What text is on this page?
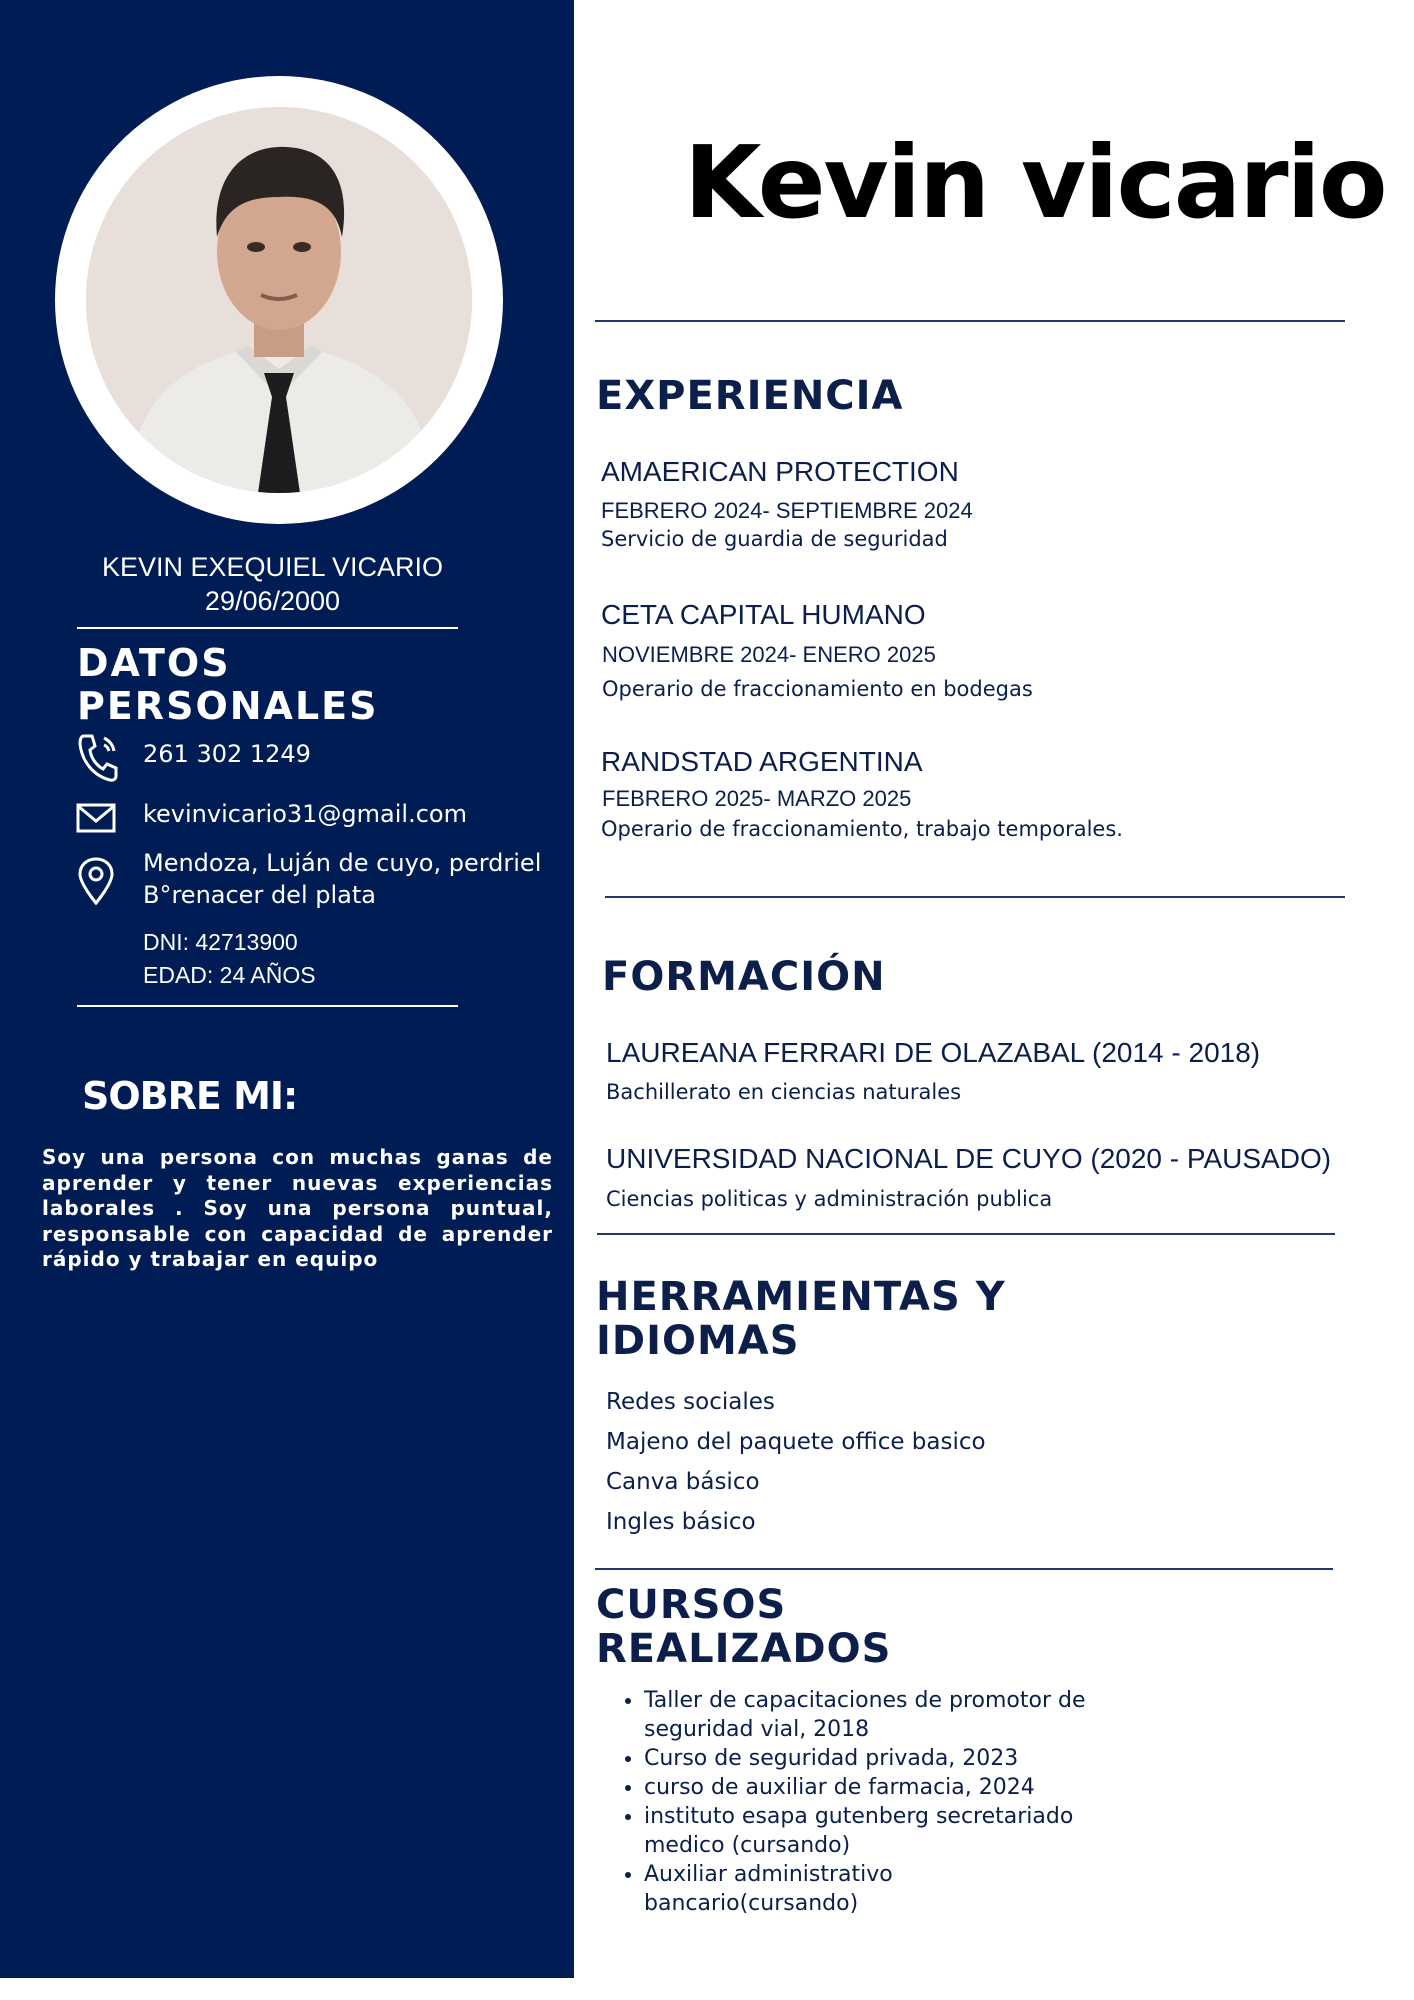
KEVIN EXEQUIEL VICARIO
29/06/2000
DATOS
PERSONALES
261 302 1249
kevinvicario31@gmail.com
Mendoza, Luján de cuyo, perdriel
B°renacer del plata
DNI: 42713900
EDAD: 24 AÑOS
SOBRE MI:

Soy una persona con muchas ganas de aprender y tener nuevas experiencias laborales . Soy una persona puntual, responsable con capacidad de aprender rápido y trabajar en equipo

Kevin vicario
EXPERIENCIA
AMAERICAN PROTECTION
FEBRERO 2024- SEPTIEMBRE 2024
Servicio de guardia de seguridad
CETA CAPITAL HUMANO
NOVIEMBRE 2024- ENERO 2025
Operario de fraccionamiento en bodegas
RANDSTAD ARGENTINA
FEBRERO 2025- MARZO 2025
Operario de fraccionamiento, trabajo temporales.
FORMACIÓN
LAUREANA FERRARI DE OLAZABAL (2014 - 2018)
Bachillerato en ciencias naturales
UNIVERSIDAD NACIONAL DE CUYO (2020 - PAUSADO)
Ciencias politicas y administración publica
HERRAMIENTAS Y
IDIOMAS
Redes sociales
Majeno del paquete office basico
Canva básico
Ingles básico
CURSOS
REALIZADOS
• Taller de capacitaciones de promotor de seguridad vial, 2018
• Curso de seguridad privada, 2023
• curso de auxiliar de farmacia, 2024
• instituto esapa gutenberg secretariado medico (cursando)
• Auxiliar administrativo bancario(cursando)
